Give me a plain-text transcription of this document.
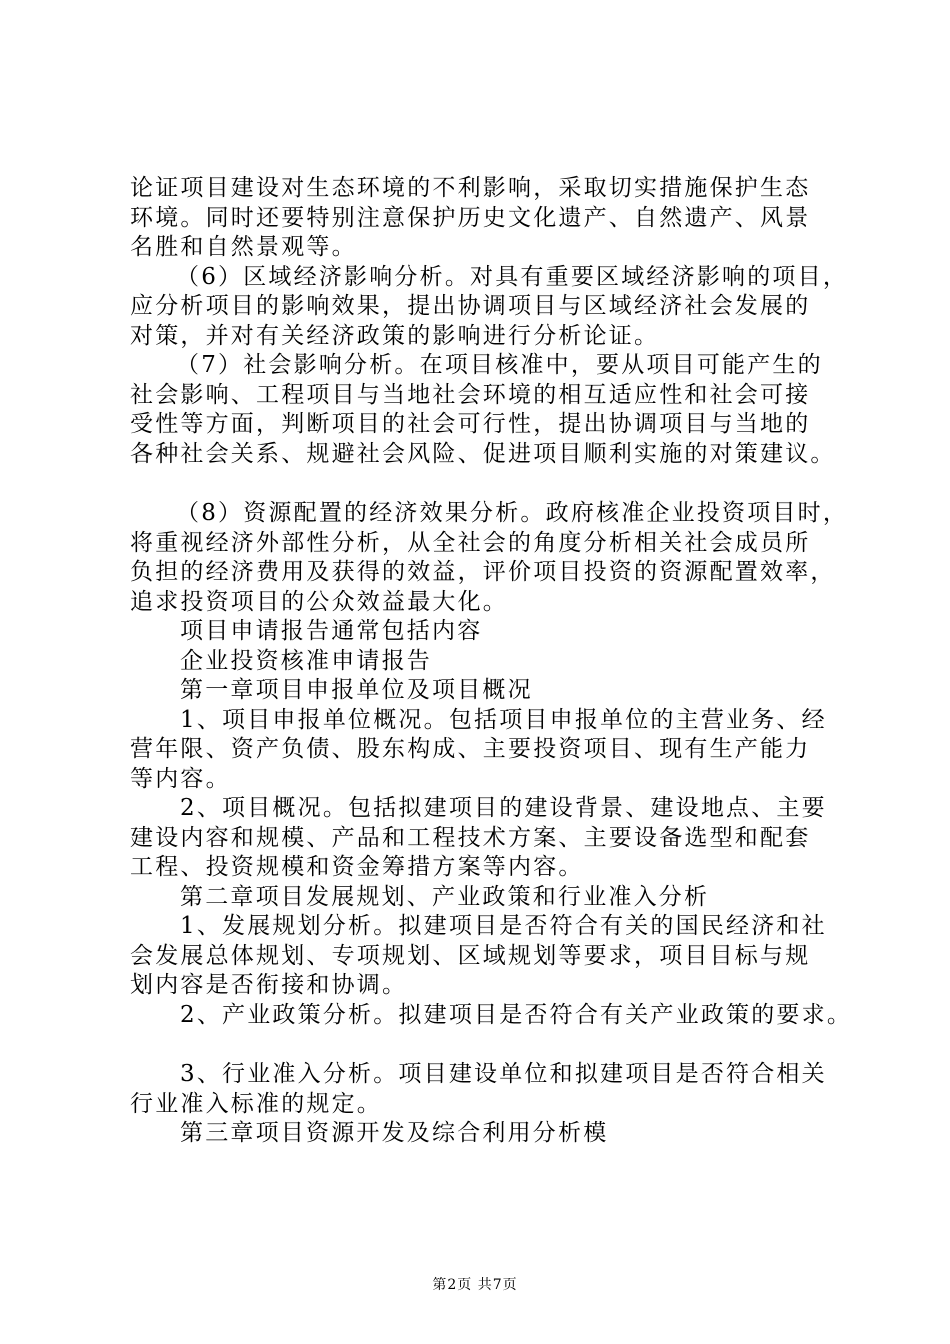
论证项目建设对生态环境的不利影响，采取切实措施保护生态
环境。同时还要特别注意保护历史文化遗产、自然遗产、风景
名胜和自然景观等。
（6）区域经济影响分析。对具有重要区域经济影响的项目，
应分析项目的影响效果，提出协调项目与区域经济社会发展的
对策，并对有关经济政策的影响进行分析论证。
（7）社会影响分析。在项目核准中，要从项目可能产生的
社会影响、工程项目与当地社会环境的相互适应性和社会可接
受性等方面，判断项目的社会可行性，提出协调项目与当地的
各种社会关系、规避社会风险、促进项目顺利实施的对策建议。
（8）资源配置的经济效果分析。政府核准企业投资项目时，
将重视经济外部性分析，从全社会的角度分析相关社会成员所
负担的经济费用及获得的效益，评价项目投资的资源配置效率，
追求投资项目的公众效益最大化。
项目申请报告通常包括内容
企业投资核准申请报告
第一章项目申报单位及项目概况
1、项目申报单位概况。包括项目申报单位的主营业务、经
营年限、资产负债、股东构成、主要投资项目、现有生产能力
等内容。
2、项目概况。包括拟建项目的建设背景、建设地点、主要
建设内容和规模、产品和工程技术方案、主要设备选型和配套
工程、投资规模和资金筹措方案等内容。
第二章项目发展规划、产业政策和行业准入分析
1、发展规划分析。拟建项目是否符合有关的国民经济和社
会发展总体规划、专项规划、区域规划等要求，项目目标与规
划内容是否衔接和协调。
2、产业政策分析。拟建项目是否符合有关产业政策的要求。
3、行业准入分析。项目建设单位和拟建项目是否符合相关
行业准入标准的规定。
第三章项目资源开发及综合利用分析模
第2页 共7页
